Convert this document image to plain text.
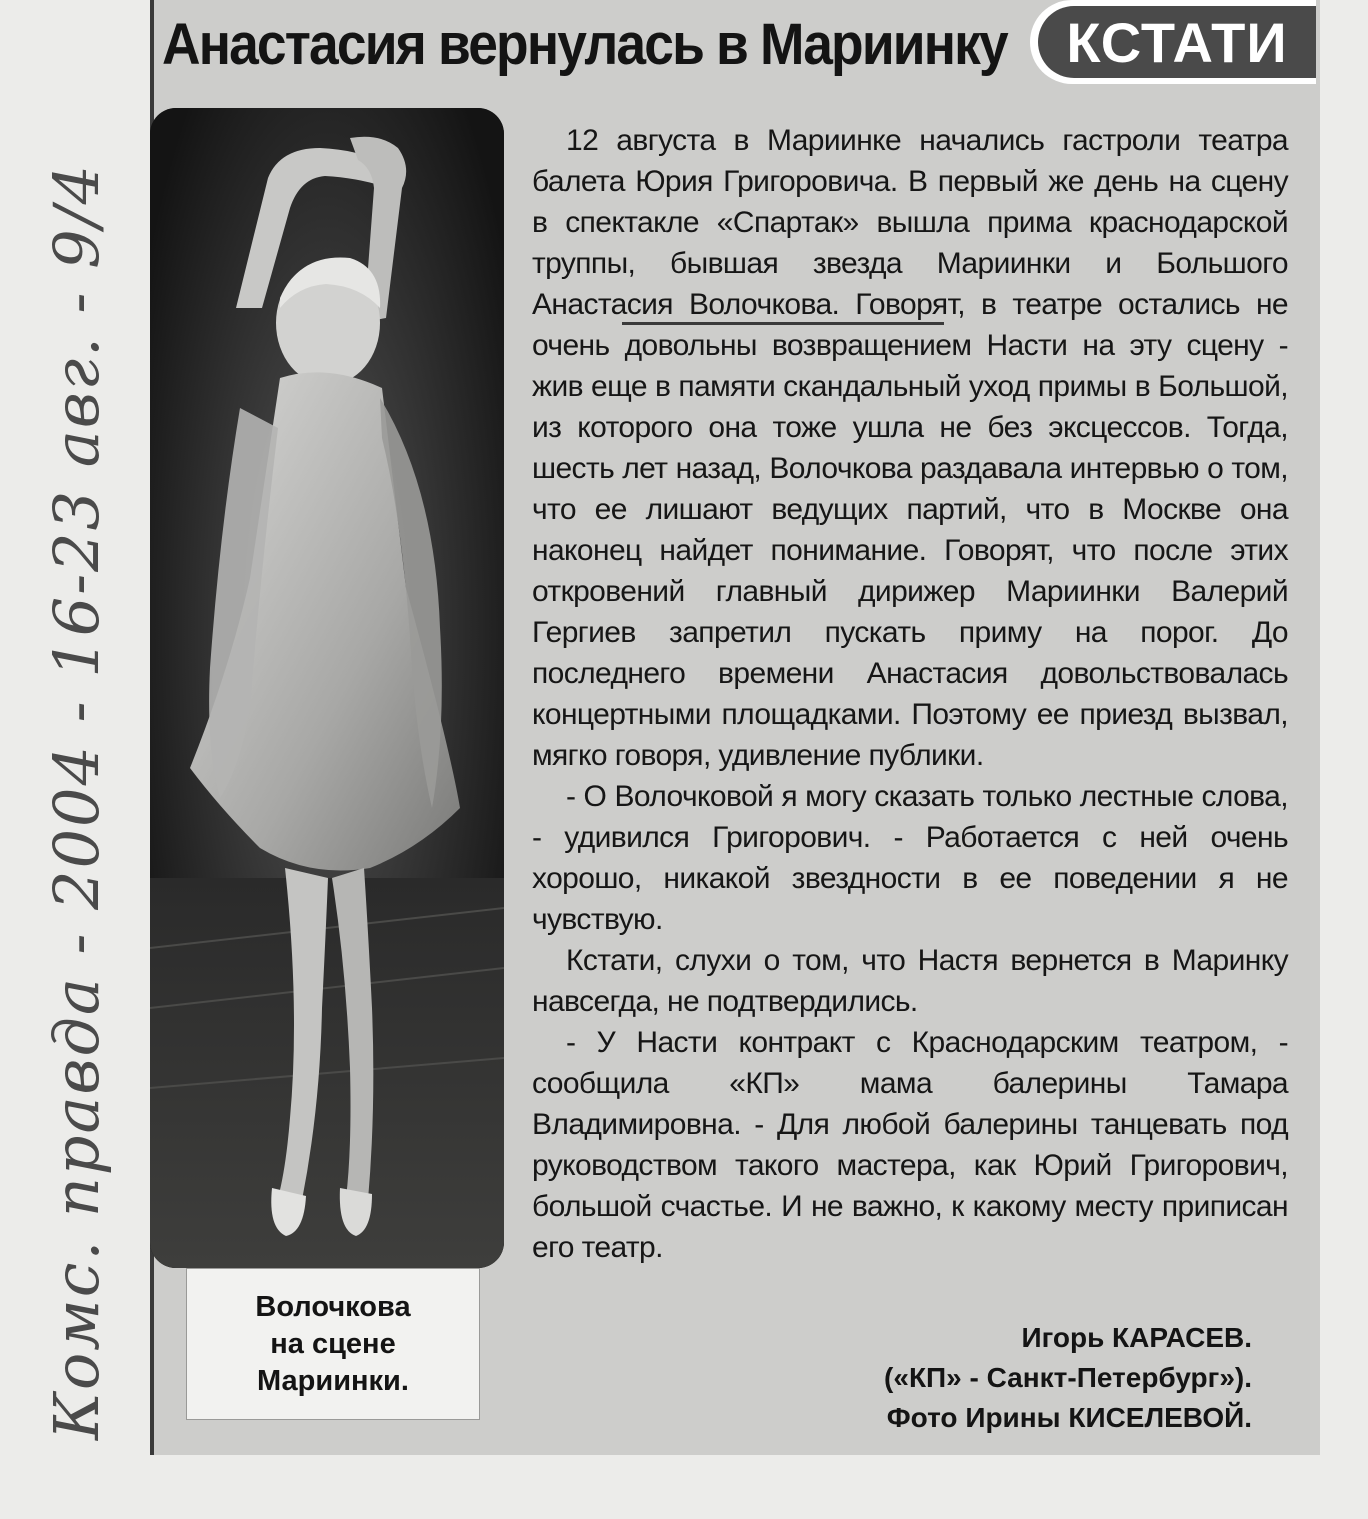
Анастасия вернулась в Мариинку	КСТАТИ
Волочкова
на сцене
Мариинки.

12 августа в Мариинке начались гастроли театра балета Юрия Григоровича. В первый же день на сцену в спектакле «Спартак» вышла прима краснодарской труппы, бывшая звезда Мариинки и Большого Анастасия Волочкова. Говорят, в театре остались не очень довольны возвращением Насти на эту сцену - жив еще в памяти скандальный уход примы в Большой, из которого она тоже ушла не без эксцессов. Тогда, шесть лет назад, Волочкова раздавала интервью о том, что ее лишают ведущих партий, что в Москве она наконец найдет понимание. Говорят, что после этих откровений главный дирижер Мариинки Валерий Гергиев запретил пускать приму на порог. До последнего времени Анастасия довольствовалась концертными площадками. Поэтому ее приезд вызвал, мягко говоря, удивление публики.

- О Волочковой я могу сказать только лестные слова, - удивился Григорович. - Работается с ней очень хорошо, никакой звездности в ее поведении я не чувствую.

Кстати, слухи о том, что Настя вернется в Маринку навсегда, не подтвердились.

- У Насти контракт с Краснодарским театром, - сообщила «КП» мама балерины Тамара Владимировна. - Для любой балерины танцевать под руководством такого мастера, как Юрий Григорович, большой счастье. И не важно, к какому месту приписан его театр.

Игорь КАРАСЕВ.
(«КП» - Санкт-Петербург»).
Фото Ирины КИСЕЛЕВОЙ.
Комс. правда - 2004 - 16-23 авг. - 9/4
